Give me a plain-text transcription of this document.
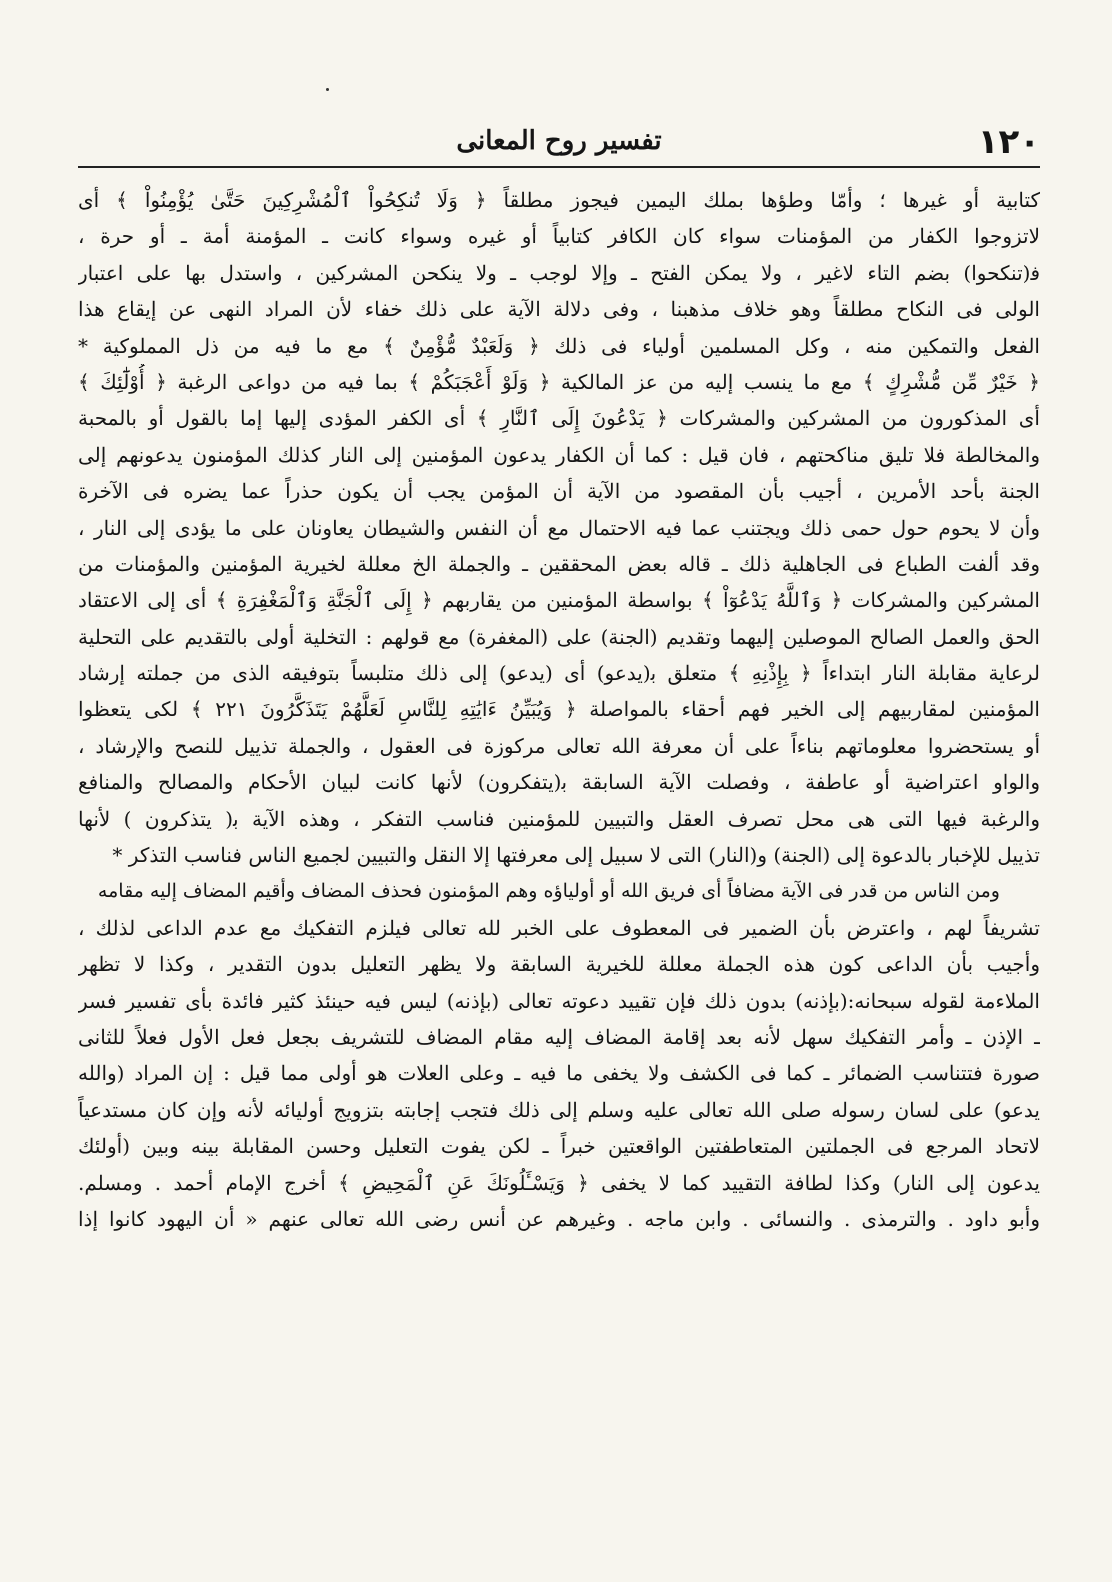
١٢٠
تفسير روح المعانى
كتابية أو غيرها ؛ وأمّا وطؤها بملك اليمين فيجوز مطلقاً ﴿ وَلَا تُنكِحُواْ ٱلْمُشْرِكِينَ حَتَّىٰ يُؤْمِنُواْ ﴾ أى
لاتزوجوا الكفار من المؤمنات سواء كان الكافر كتابياً أو غيره وسواء كانت ـ المؤمنة أمة ـ أو حرة ،
ف‍(تنكحوا) بضم التاء لاغير ، ولا يمكن الفتح ـ وإلا لوجب ـ ولا ينكحن المشركين ، واستدل بها على اعتبار
الولى فى النكاح مطلقاً وهو خلاف مذهبنا ، وفى دلالة الآية على ذلك خفاء لأن المراد النهى عن إيقاع هذا
الفعل والتمكين منه ، وكل المسلمين أولياء فى ذلك ﴿ وَلَعَبْدٌ مُّؤْمِنٌ ﴾ مع ما فيه من ذل المملوكية *
﴿ خَيْرٌ مِّن مُّشْرِكٍ ﴾ مع ما ينسب إليه من عز المالكية ﴿ وَلَوْ أَعْجَبَكُمْ ﴾ بما فيه من دواعى الرغبة ﴿ أُوْلَٰٓئِكَ ﴾
أى المذكورون من المشركين والمشركات ﴿ يَدْعُونَ إِلَى ٱلنَّارِ ﴾ أى الكفر المؤدى إليها إما بالقول أو بالمحبة
والمخالطة فلا تليق مناكحتهم ، فان قيل : كما أن الكفار يدعون المؤمنين إلى النار كذلك المؤمنون يدعونهم إلى
الجنة بأحد الأمرين ، أجيب بأن المقصود من الآية أن المؤمن يجب أن يكون حذراً عما يضره فى الآخرة
وأن لا يحوم حول حمى ذلك ويجتنب عما فيه الاحتمال مع أن النفس والشيطان يعاونان على ما يؤدى إلى النار ،
وقد ألفت الطباع فى الجاهلية ذلك ـ قاله بعض المحققين ـ والجملة الخ معللة لخيرية المؤمنين والمؤمنات من
المشركين والمشركات ﴿ وَٱللَّهُ يَدْعُوٓاْ ﴾ بواسطة المؤمنين من يقاربهم ﴿ إِلَى ٱلْجَنَّةِ وَٱلْمَغْفِرَةِ ﴾ أى إلى الاعتقاد
الحق والعمل الصالح الموصلين إليهما وتقديم (الجنة) على (المغفرة) مع قولهم : التخلية أولى بالتقديم على التحلية
لرعاية مقابلة النار ابتداءاً ﴿ بِإِذْنِهِ ﴾ متعلق ب‍(يدعو) أى (يدعو) إلى ذلك متلبساً بتوفيقه الذى من جملته إرشاد
المؤمنين لمقاربيهم إلى الخير فهم أحقاء بالمواصلة ﴿ وَيُبَيِّنُ ءَايَٰتِهِ لِلنَّاسِ لَعَلَّهُمْ يَتَذَكَّرُونَ ٢٢١ ﴾ لكى يتعظوا
أو يستحضروا معلوماتهم بناءاً على أن معرفة الله تعالى مركوزة فى العقول ، والجملة تذييل للنصح والإرشاد ،
والواو اعتراضية أو عاطفة ، وفصلت الآية السابقة ب‍(يتفكرون) لأنها كانت لبيان الأحكام والمصالح والمنافع
والرغبة فيها التى هى محل تصرف العقل والتبيين للمؤمنين فناسب التفكر ، وهذه الآية ب‍( يتذكرون ) لأنها
تذييل للإخبار بالدعوة إلى (الجنة) و(النار) التى لا سبيل إلى معرفتها إلا النقل والتبيين لجميع الناس فناسب التذكر *
ومن الناس من قدر فى الآية مضافاً أى فريق الله أو أولياؤه وهم المؤمنون فحذف المضاف وأقيم المضاف إليه مقامه
تشريفاً لهم ، واعترض بأن الضمير فى المعطوف على الخبر لله تعالى فيلزم التفكيك مع عدم الداعى لذلك ،
وأجيب بأن الداعى كون هذه الجملة معللة للخيرية السابقة ولا يظهر التعليل بدون التقدير ، وكذا لا تظهر
الملاءمة لقوله سبحانه:(بإذنه) بدون ذلك فإن تقييد دعوته تعالى (بإذنه) ليس فيه حينئذ كثير فائدة بأى تفسير فسر
ـ الإذن ـ وأمر التفكيك سهل لأنه بعد إقامة المضاف إليه مقام المضاف للتشريف بجعل فعل الأول فعلاً للثانى
صورة فتتناسب الضمائر ـ كما فى الكشف ولا يخفى ما فيه ـ وعلى العلات هو أولى مما قيل : إن المراد (والله
يدعو) على لسان رسوله صلى الله تعالى عليه وسلم إلى ذلك فتجب إجابته بتزويج أوليائه لأنه وإن كان مستدعياً
لاتحاد المرجع فى الجملتين المتعاطفتين الواقعتين خبراً ـ لكن يفوت التعليل وحسن المقابلة بينه وبين (أولئك
يدعون إلى النار) وكذا لطافة التقييد كما لا يخفى ﴿ وَيَسْـَٔلُونَكَ عَنِ ٱلْمَحِيضِ ﴾ أخرج الإمام أحمد . ومسلم.
وأبو داود . والترمذى . والنسائى . وابن ماجه . وغيرهم عن أنس رضى الله تعالى عنهم « أن اليهود كانوا إذا
